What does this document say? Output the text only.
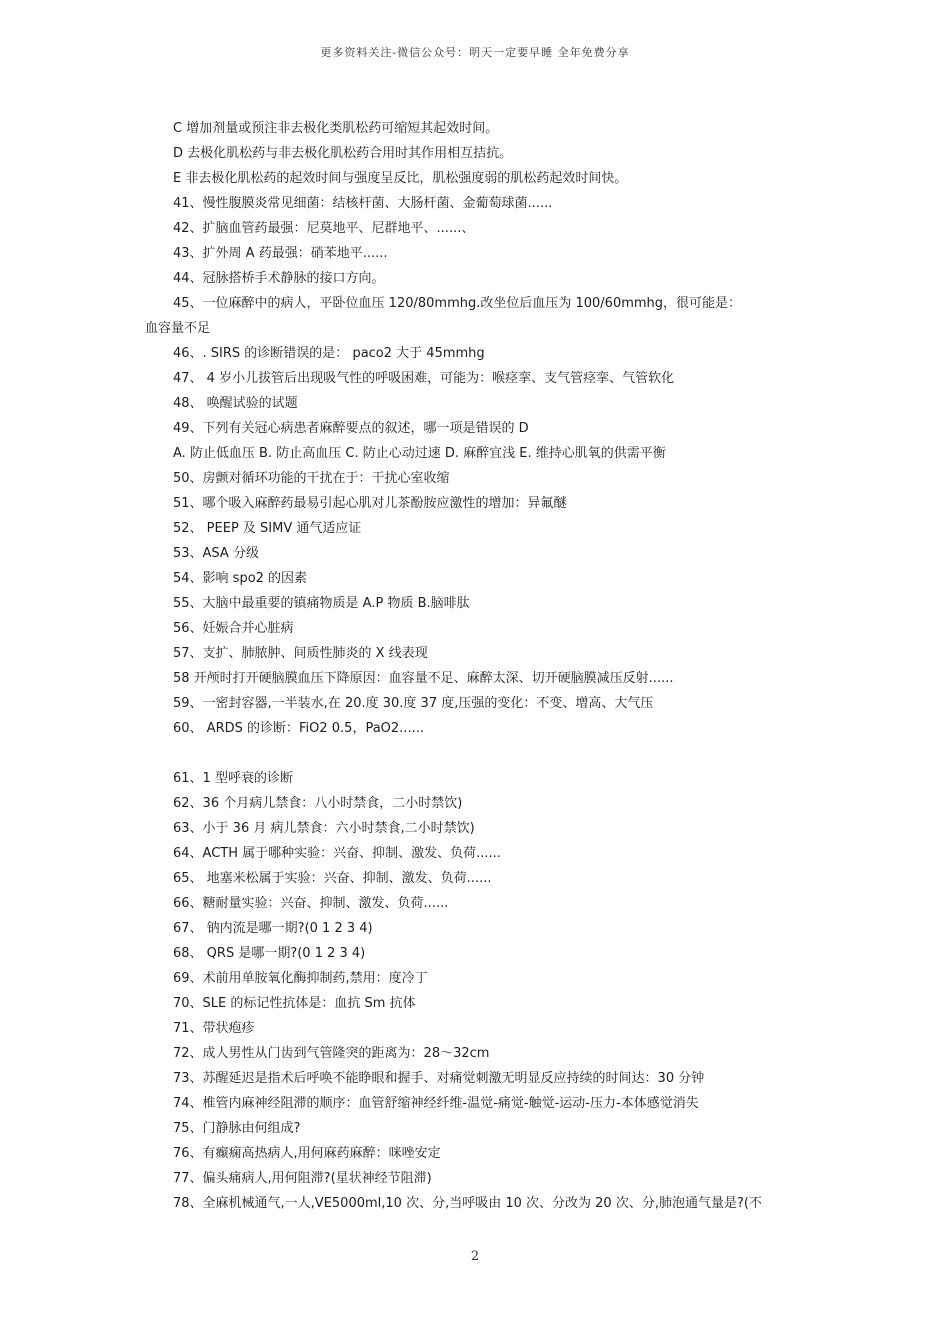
更多资料关注-微信公众号：明天一定要早睡 全年免费分享
C 增加剂量或预注非去极化类肌松药可缩短其起效时间。
D 去极化肌松药与非去极化肌松药合用时其作用相互拮抗。
E 非去极化肌松药的起效时间与强度呈反比，肌松强度弱的肌松药起效时间快。
41、慢性腹膜炎常见细菌：结核杆菌、大肠杆菌、金葡萄球菌......
42、扩脑血管药最强：尼莫地平、尼群地平、......、
43、扩外周 A 药最强：硝苯地平......
44、冠脉搭桥手术静脉的接口方向。
45、一位麻醉中的病人，平卧位血压 120/80mmhg.改坐位后血压为 100/60mmhg，很可能是：
血容量不足
46、. SIRS 的诊断错误的是： paco2 大于 45mmhg
47、 4 岁小儿拔管后出现吸气性的呼吸困难，可能为：喉痉挛、支气管痉挛、气管软化
48、 唤醒试验的试题
49、下列有关冠心病患者麻醉要点的叙述，哪一项是错误的 D
A. 防止低血压 B. 防止高血压 C. 防止心动过速 D. 麻醉宜浅 E. 维持心肌氧的供需平衡
50、房颤对循环功能的干扰在于：干扰心室收缩
51、哪个吸入麻醉药最易引起心肌对儿茶酚胺应激性的增加：异氟醚
52、 PEEP 及 SIMV 通气适应证
53、ASA 分级
54、影响 spo2 的因素
55、大脑中最重要的镇痛物质是 A.P 物质 B.脑啡肽
56、妊娠合并心脏病
57、支扩、肺脓肿、间质性肺炎的 X 线表现
58 开颅时打开硬脑膜血压下降原因：血容量不足、麻醉太深、切开硬脑膜减压反射......
59、一密封容器,一半装水,在 20.度 30.度 37 度,压强的变化：不变、增高、大气压
60、 ARDS 的诊断：FiO2 0.5，PaO2......
61、1 型呼衰的诊断
62、36 个月病儿禁食：八小时禁食，二小时禁饮)
63、小于 36 月 病儿禁食：六小时禁食,二小时禁饮)
64、ACTH 属于哪种实验：兴奋、抑制、激发、负荷......
65、 地塞米松属于实验：兴奋、抑制、激发、负荷......
66、糖耐量实验：兴奋、抑制、激发、负荷......
67、 钠内流是哪一期?(0 1 2 3 4)
68、 QRS 是哪一期?(0 1 2 3 4)
69、术前用单胺氧化酶抑制药,禁用：度冷丁
70、SLE 的标记性抗体是：血抗 Sm 抗体
71、带状疱疹
72、成人男性从门齿到气管隆突的距离为：28～32cm
73、苏醒延迟是指术后呼唤不能睁眼和握手、对痛觉刺激无明显反应持续的时间达：30 分钟
74、椎管内麻神经阻滞的顺序：血管舒缩神经纤维-温觉-痛觉-触觉-运动-压力-本体感觉消失
75、门静脉由何组成?
76、有癫痫高热病人,用何麻药麻醉：咪唑安定
77、偏头痛病人,用何阻滞?(星状神经节阻滞)
78、全麻机械通气,一人,VE5000ml,10 次、分,当呼吸由 10 次、分改为 20 次、分,肺泡通气量是?(不
2
